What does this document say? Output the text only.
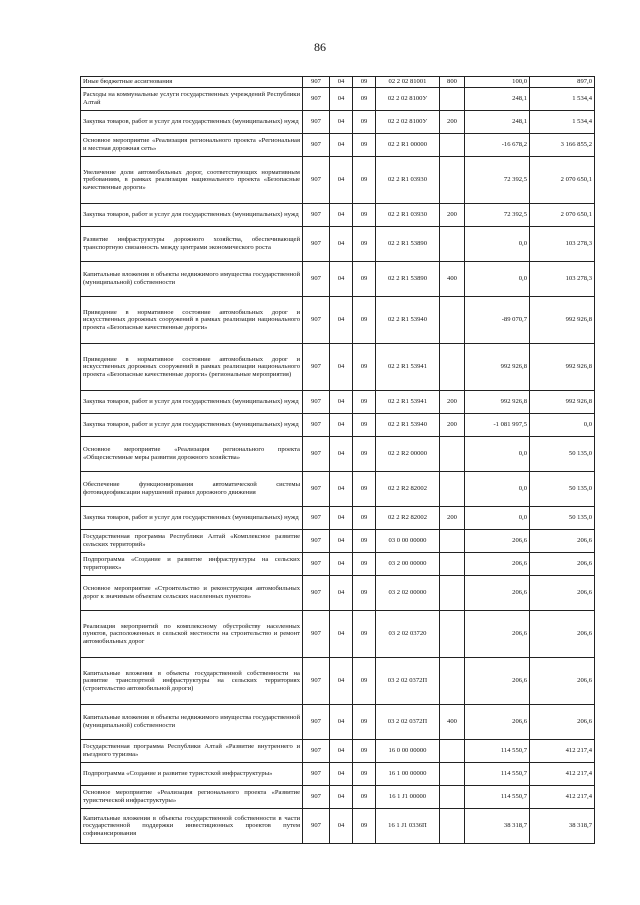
86
Иные бюджетные ассигнования	907	04	09	02 2 02 81001	800	100,0	897,0
Расходы на коммунальные услуги государственных учреждений Республики Алтай	907	04	09	02 2 02 8100У		248,1	1 534,4
Закупка товаров, работ и услуг для государственных (муниципальных) нужд	907	04	09	02 2 02 8100У	200	248,1	1 534,4
Основное мероприятие «Реализация регионального проекта «Региональная и местная дорожная сеть»	907	04	09	02 2 R1 00000		-16 678,2	3 166 855,2
Увеличение доли автомобильных дорог, соответствующих нормативным требованиям, в рамках реализации национального проекта «Безопасные качественные дороги»	907	04	09	02 2 R1 03930		72 392,5	2 070 650,1
Закупка товаров, работ и услуг для государственных (муниципальных) нужд	907	04	09	02 2 R1 03930	200	72 392,5	2 070 650,1
Развитие инфраструктуры дорожного хозяйства, обеспечивающей транспортную связанность между центрами экономического роста	907	04	09	02 2 R1 53890		0,0	103 278,3
Капитальные вложения в объекты недвижимого имущества государственной (муниципальной) собственности	907	04	09	02 2 R1 53890	400	0,0	103 278,3
Приведение в нормативное состояние автомобильных дорог и искусственных дорожных сооружений в рамках реализации национального проекта «Безопасные качественные дороги»	907	04	09	02 2 R1 53940		-89 070,7	992 926,8
Приведение в нормативное состояние автомобильных дорог и искусственных дорожных сооружений в рамках реализации национального проекта «Безопасные качественные дороги» (региональные мероприятия)	907	04	09	02 2 R1 53941		992 926,8	992 926,8
Закупка товаров, работ и услуг для государственных (муниципальных) нужд	907	04	09	02 2 R1 53941	200	992 926,8	992 926,8
Закупка товаров, работ и услуг для государственных (муниципальных) нужд	907	04	09	02 2 R1 53940	200	-1 081 997,5	0,0
Основное мероприятие «Реализация регионального проекта «Общесистемные меры развития дорожного хозяйства»	907	04	09	02 2 R2 00000		0,0	50 135,0
Обеспечение функционирования автоматической системы фотовидеофиксации нарушений правил дорожного движения	907	04	09	02 2 R2 82002		0,0	50 135,0
Закупка товаров, работ и услуг для государственных (муниципальных) нужд	907	04	09	02 2 R2 82002	200	0,0	50 135,0
Государственная программа Республики Алтай «Комплексное развитие сельских территорий»	907	04	09	03 0 00 00000		206,6	206,6
Подпрограмма «Создание и развитие инфраструктуры на сельских территориях»	907	04	09	03 2 00 00000		206,6	206,6
Основное мероприятие «Строительство и реконструкция автомобильных дорог к значимым объектам сельских населенных пунктов»	907	04	09	03 2 02 00000		206,6	206,6
Реализация мероприятий по комплексному обустройству населенных пунктов, расположенных в сельской местности на строительство и ремонт автомобильных дорог	907	04	09	03 2 02 03720		206,6	206,6
Капитальные вложения в объекты государственной собственности на развитие транспортной инфраструктуры на сельских территориях (строительство автомобильной дороги)	907	04	09	03 2 02 0372П		206,6	206,6
Капитальные вложения в объекты недвижимого имущества государственной (муниципальной) собственности	907	04	09	03 2 02 0372П	400	206,6	206,6
Государственная программа Республики Алтай «Развитие внутреннего и въездного туризма»	907	04	09	16 0 00 00000		114 550,7	412 217,4
Подпрограмма «Создание и развитие туристской инфраструктуры»	907	04	09	16 1 00 00000		114 550,7	412 217,4
Основное мероприятие «Реализация регионального проекта «Развитие туристической инфраструктуры»	907	04	09	16 1 J1 00000		114 550,7	412 217,4
Капитальные вложения в объекты государственной собственности в части государственной поддержки инвестиционных проектов путем софинансирования	907	04	09	16 1 J1 0336П		38 318,7	38 318,7
